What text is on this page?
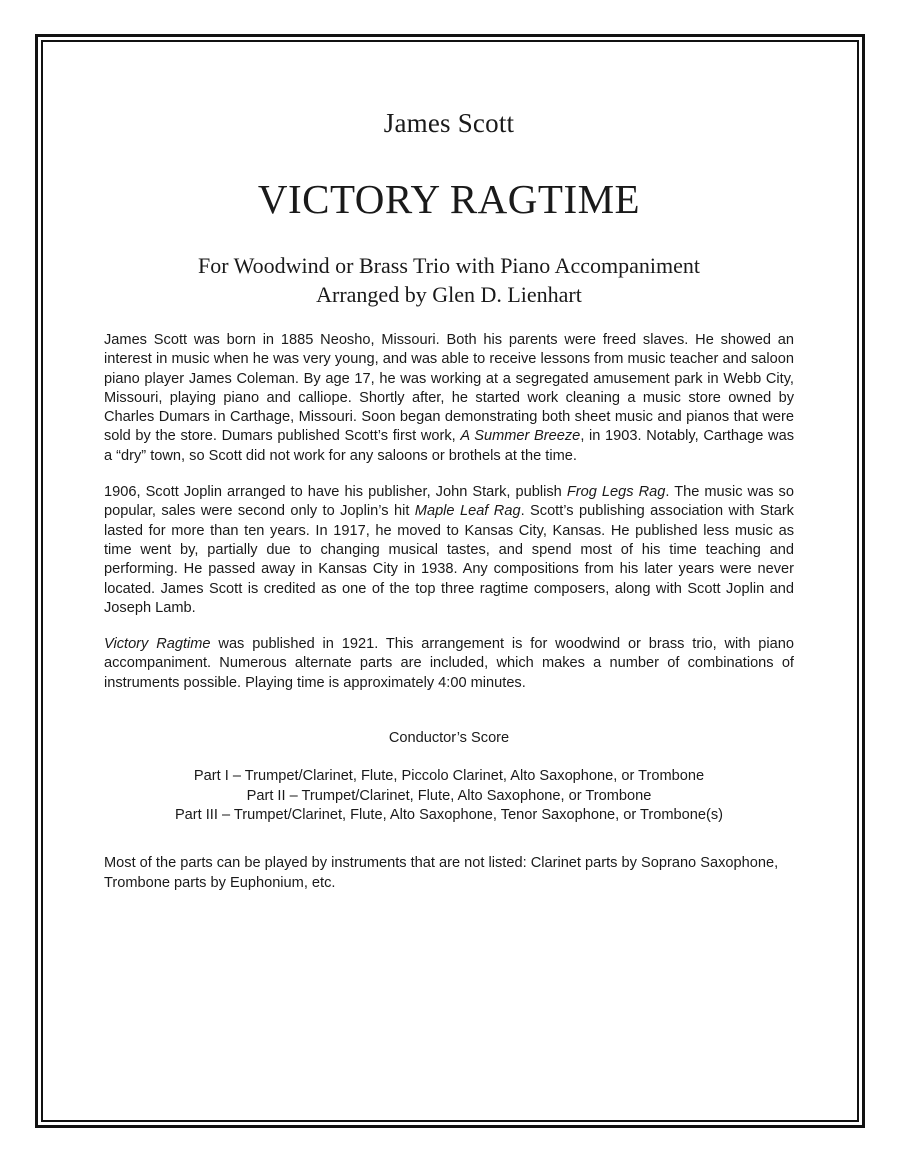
James Scott
VICTORY RAGTIME
For Woodwind or Brass Trio with Piano Accompaniment
Arranged by Glen D. Lienhart

James Scott was born in 1885 Neosho, Missouri. Both his parents were freed slaves. He showed an interest in music when he was very young, and was able to receive lessons from music teacher and saloon piano player James Coleman. By age 17, he was working at a segregated amusement park in Webb City, Missouri, playing piano and calliope. Shortly after, he started work cleaning a music store owned by Charles Dumars in Carthage, Missouri. Soon began demonstrating both sheet music and pianos that were sold by the store. Dumars published Scott’s first work, A Summer Breeze, in 1903. Notably, Carthage was a “dry” town, so Scott did not work for any saloons or brothels at the time.

1906, Scott Joplin arranged to have his publisher, John Stark, publish Frog Legs Rag. The music was so popular, sales were second only to Joplin’s hit Maple Leaf Rag. Scott’s publishing association with Stark lasted for more than ten years. In 1917, he moved to Kansas City, Kansas. He published less music as time went by, partially due to changing musical tastes, and spend most of his time teaching and performing. He passed away in Kansas City in 1938. Any compositions from his later years were never located. James Scott is credited as one of the top three ragtime composers, along with Scott Joplin and Joseph Lamb.

Victory Ragtime was published in 1921. This arrangement is for woodwind or brass trio, with piano accompaniment. Numerous alternate parts are included, which makes a number of combinations of instruments possible. Playing time is approximately 4:00 minutes.

Conductor’s Score
Part I – Trumpet/Clarinet, Flute, Piccolo Clarinet, Alto Saxophone, or Trombone
Part II – Trumpet/Clarinet, Flute, Alto Saxophone, or Trombone
Part III – Trumpet/Clarinet, Flute, Alto Saxophone, Tenor Saxophone, or Trombone(s)

Most of the parts can be played by instruments that are not listed: Clarinet parts by Soprano Saxophone, Trombone parts by Euphonium, etc.
